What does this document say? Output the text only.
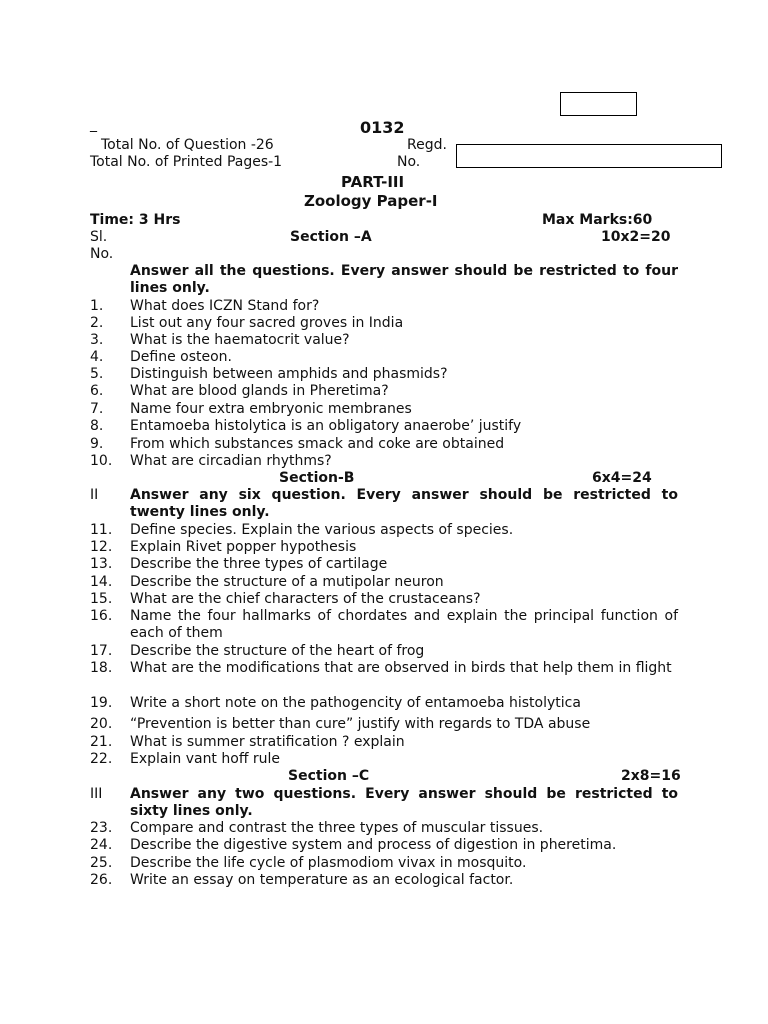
0132
‾ Total No. of Question -26
Total No. of Printed Pages-1
Regd.
No.
PART-III
Zoology Paper-I
Time: 3 Hrs	Max Marks:60
Sl.
No.
Section –A	10x2=20
Answer all the questions. Every answer should be restricted to four lines only.
1. What does ICZN Stand for?
2. List out any four sacred groves in India
3. What is the haematocrit value?
4. Define osteon.
5. Distinguish between amphids and phasmids?
6. What are blood glands in Pheretima?
7. Name four extra embryonic membranes
8. Entamoeba histolytica is an obligatory anaerobe’ justify
9. From which substances smack and coke are obtained
10. What are circadian rhythms?
Section-B	6x4=24
II Answer any six question. Every answer should be restricted to twenty lines only.
11. Define species. Explain the various aspects of species.
12. Explain Rivet popper hypothesis
13. Describe the three types of cartilage
14. Describe the structure of a mutipolar neuron
15. What are the chief characters of the crustaceans?
16. Name the four hallmarks of chordates and explain the principal function of each of them
17. Describe the structure of the heart of frog
18. What are the modifications that are observed in birds that help them in flight
19. Write a short note on the pathogencity of entamoeba histolytica
20. “Prevention is better than cure” justify with regards to TDA abuse
21. What is summer stratification ? explain
22. Explain vant hoff rule
Section –C	2x8=16
III Answer any two questions. Every answer should be restricted to sixty lines only.
23. Compare and contrast the three types of muscular tissues.
24. Describe the digestive system and process of digestion in pheretima.
25. Describe the life cycle of plasmodiom vivax in mosquito.
26. Write an essay on temperature as an ecological factor.
